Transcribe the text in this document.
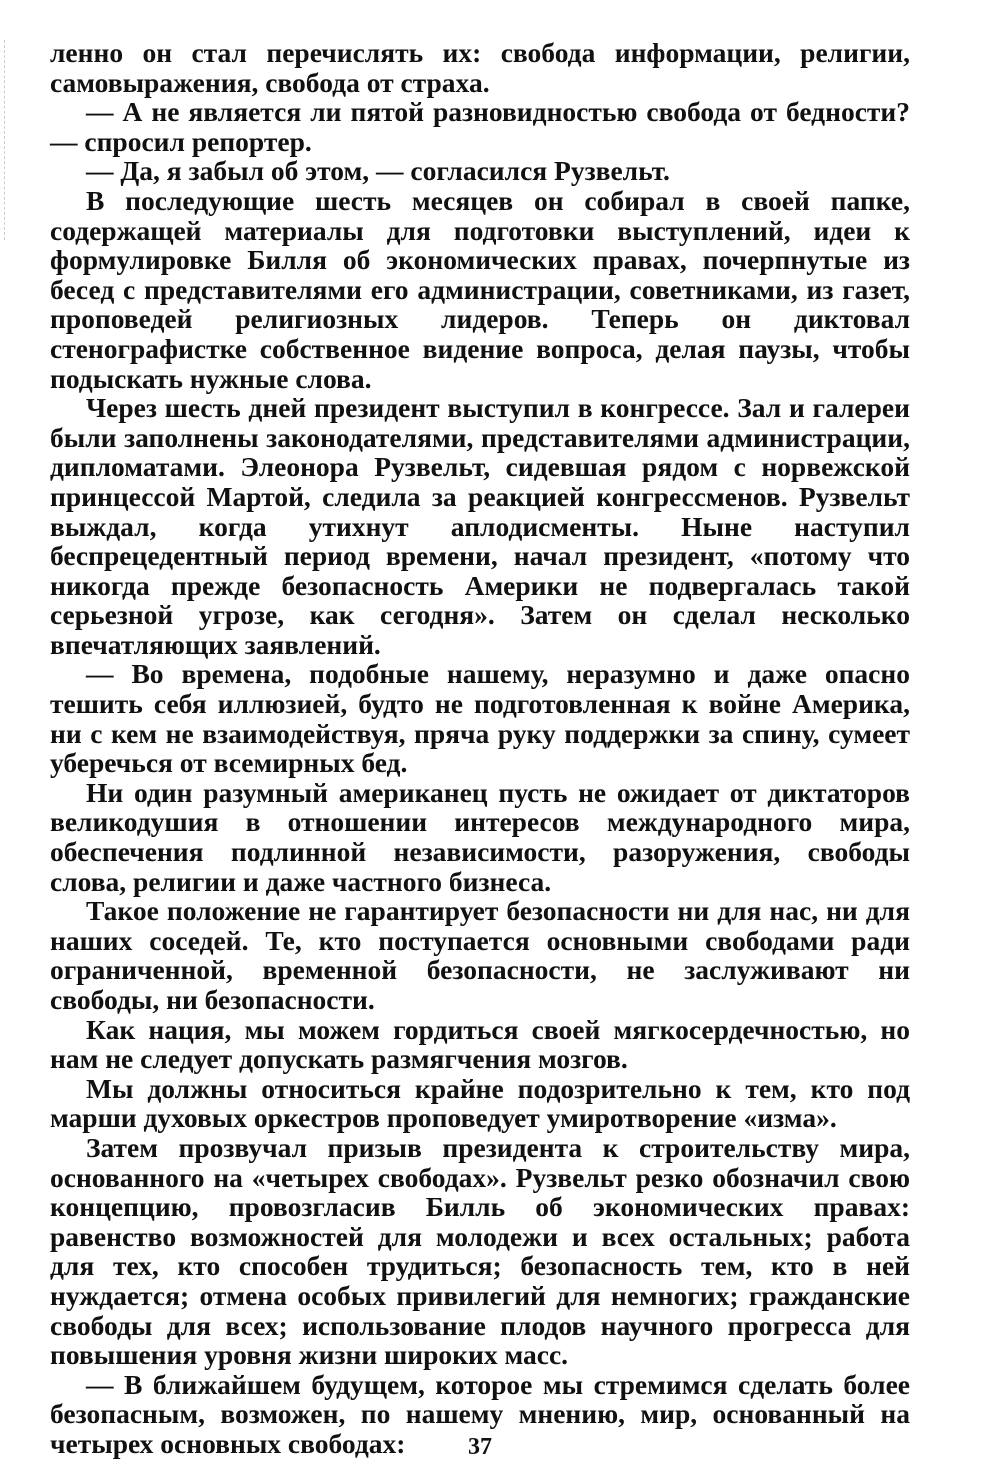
ленно он стал перечислять их: свобода информации, религии, самовыражения, свобода от страха.

— А не является ли пятой разновидностью свобода от бедности? — спросил репортер.

— Да, я забыл об этом, — согласился Рузвельт.

В последующие шесть месяцев он собирал в своей папке, содержащей материалы для подготовки выступлений, идеи к формулировке Билля об экономических правах, почерпнутые из бесед с представителями его администрации, советниками, из газет, проповедей религиозных лидеров. Теперь он диктовал стенографистке собственное видение вопроса, делая паузы, чтобы подыскать нужные слова.

Через шесть дней президент выступил в конгрессе. Зал и галереи были заполнены законодателями, представителями администрации, дипломатами. Элеонора Рузвельт, сидевшая рядом с норвежской принцессой Мартой, следила за реакцией конгрессменов. Рузвельт выждал, когда утихнут аплодисменты. Ныне наступил беспрецедентный период времени, начал президент, «потому что никогда прежде безопасность Америки не подвергалась такой серьезной угрозе, как сегодня». Затем он сделал несколько впечатляющих заявлений.

— Во времена, подобные нашему, неразумно и даже опасно тешить себя иллюзией, будто не подготовленная к войне Америка, ни с кем не взаимодействуя, пряча руку поддержки за спину, сумеет уберечься от всемирных бед.

Ни один разумный американец пусть не ожидает от диктаторов великодушия в отношении интересов международного мира, обеспечения подлинной независимости, разоружения, свободы слова, религии и даже частного бизнеса.

Такое положение не гарантирует безопасности ни для нас, ни для наших соседей. Те, кто поступается основными свободами ради ограниченной, временной безопасности, не заслуживают ни свободы, ни безопасности.

Как нация, мы можем гордиться своей мягкосердечностью, но нам не следует допускать размягчения мозгов.

Мы должны относиться крайне подозрительно к тем, кто под марши духовых оркестров проповедует умиротворение «изма».

Затем прозвучал призыв президента к строительству мира, основанного на «четырех свободах». Рузвельт резко обозначил свою концепцию, провозгласив Билль об экономических правах: равенство возможностей для молодежи и всех остальных; работа для тех, кто способен трудиться; безопасность тем, кто в ней нуждается; отмена особых привилегий для немногих; гражданские свободы для всех; использование плодов научного прогресса для повышения уровня жизни широких масс.

— В ближайшем будущем, которое мы стремимся сделать более безопасным, возможен, по нашему мнению, мир, основанный на четырех основных свободах:	37
